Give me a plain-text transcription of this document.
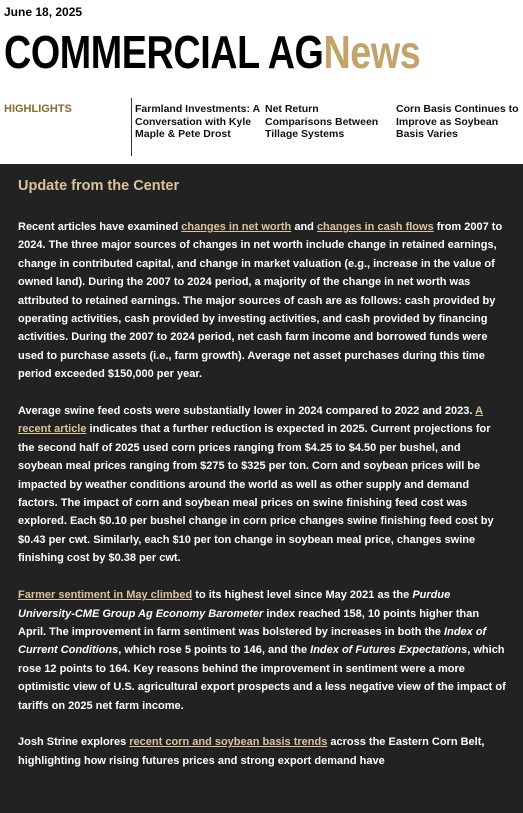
June 18, 2025
COMMERCIAL AGNews
HIGHLIGHTS	Farmland Investments: A Conversation with Kyle Maple & Pete Drost
Net Return Comparisons Between Tillage Systems
Corn Basis Continues to Improve as Soybean Basis Varies
Update from the Center

Recent articles have examined changes in net worth and changes in cash flows from 2007 to 2024. The three major sources of changes in net worth include change in retained earnings, change in contributed capital, and change in market valuation (e.g., increase in the value of owned land). During the 2007 to 2024 period, a majority of the change in net worth was attributed to retained earnings. The major sources of cash are as follows: cash provided by operating activities, cash provided by investing activities, and cash provided by financing activities. During the 2007 to 2024 period, net cash farm income and borrowed funds were used to purchase assets (i.e., farm growth). Average net asset purchases during this time period exceeded $150,000 per year.

Average swine feed costs were substantially lower in 2024 compared to 2022 and 2023. A recent article indicates that a further reduction is expected in 2025. Current projections for the second half of 2025 used corn prices ranging from $4.25 to $4.50 per bushel, and soybean meal prices ranging from $275 to $325 per ton. Corn and soybean prices will be impacted by weather conditions around the world as well as other supply and demand factors. The impact of corn and soybean meal prices on swine finishing feed cost was explored. Each $0.10 per bushel change in corn price changes swine finishing feed cost by $0.43 per cwt. Similarly, each $10 per ton change in soybean meal price, changes swine finishing cost by $0.38 per cwt.

Farmer sentiment in May climbed to its highest level since May 2021 as the Purdue University-CME Group Ag Economy Barometer index reached 158, 10 points higher than April. The improvement in farm sentiment was bolstered by increases in both the Index of Current Conditions, which rose 5 points to 146, and the Index of Futures Expectations, which rose 12 points to 164. Key reasons behind the improvement in sentiment were a more optimistic view of U.S. agricultural export prospects and a less negative view of the impact of tariffs on 2025 net farm income.

Josh Strine explores recent corn and soybean basis trends across the Eastern Corn Belt, highlighting how rising futures prices and strong export demand have
